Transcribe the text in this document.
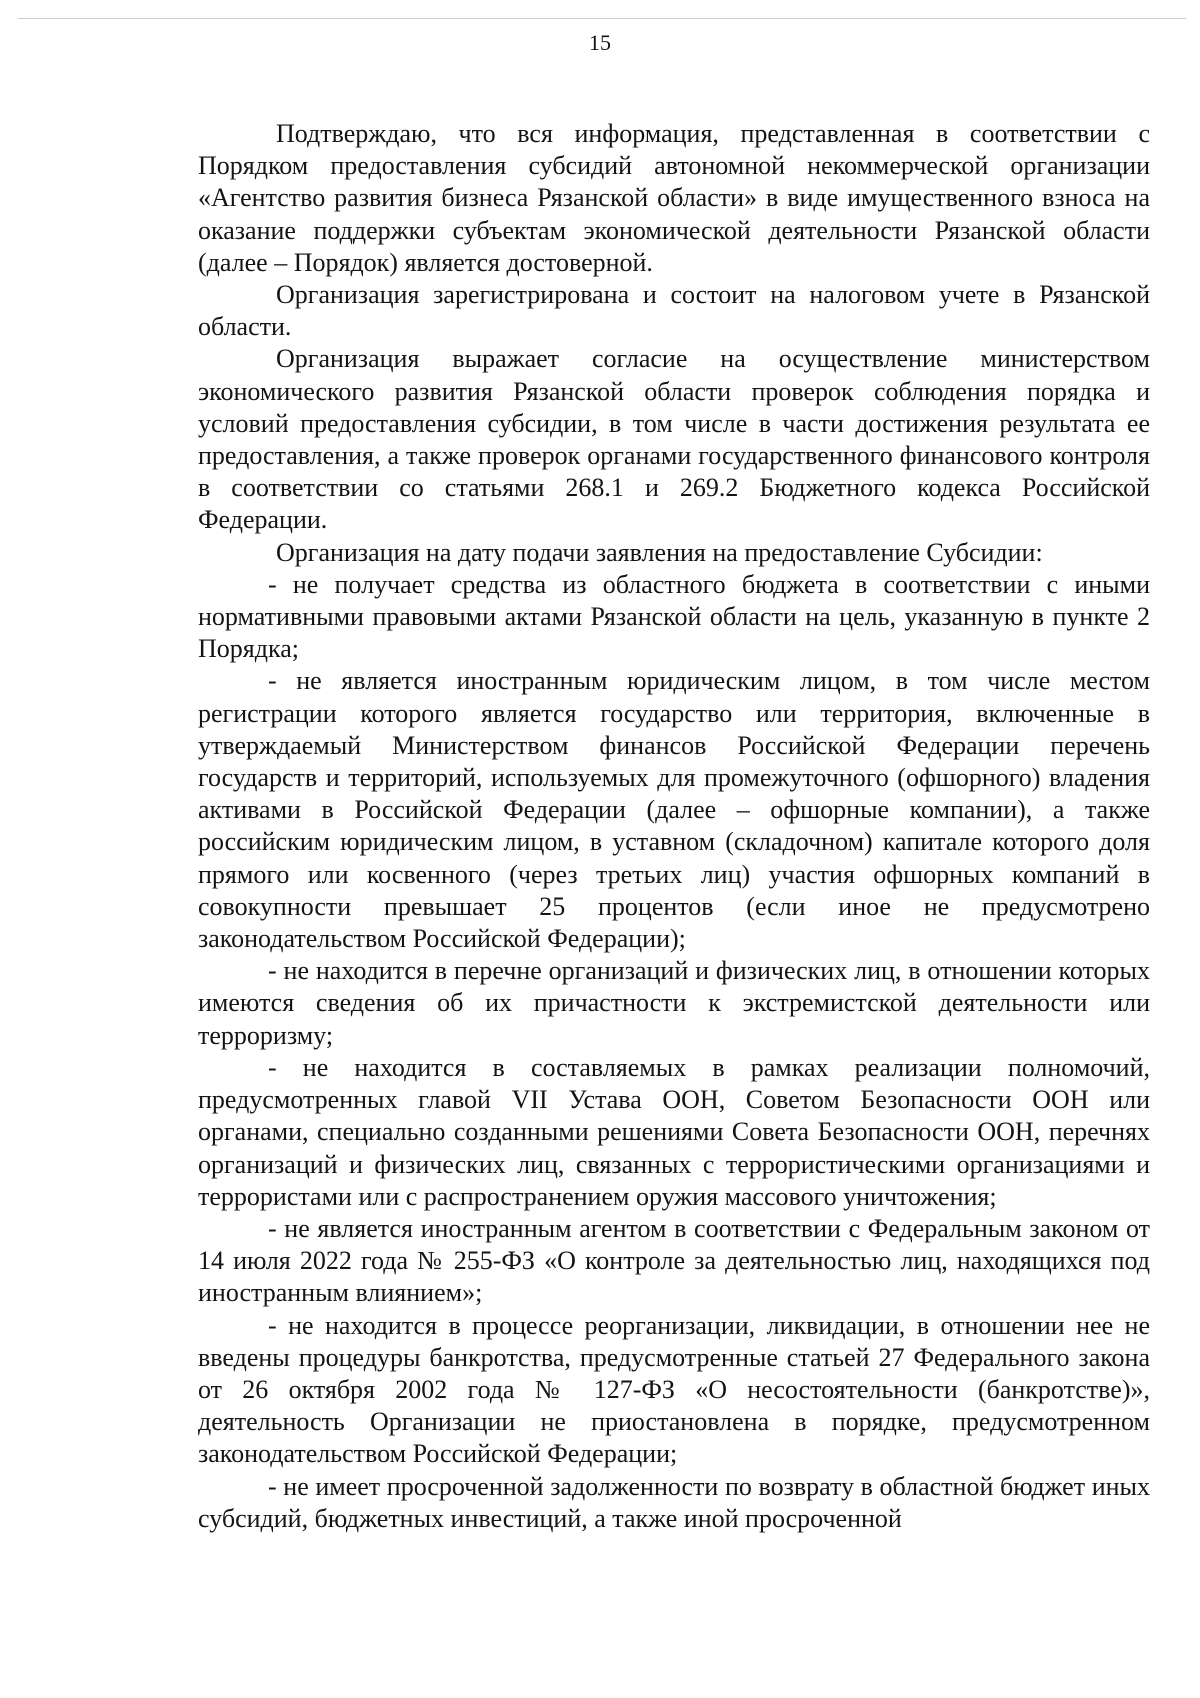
15

Подтверждаю, что вся информация, представленная в соответствии с Порядком предоставления субсидий автономной некоммерческой организации «Агентство развития бизнеса Рязанской области» в виде имущественного взноса на оказание поддержки субъектам экономической деятельности Рязанской области (далее – Порядок) является достоверной.

Организация зарегистрирована и состоит на налоговом учете в Рязанской области.

Организация выражает согласие на осуществление министерством экономического развития Рязанской области проверок соблюдения порядка и условий предоставления субсидии, в том числе в части достижения результата ее предоставления, а также проверок органами государственного финансового контроля в соответствии со статьями 268.1 и 269.2 Бюджетного кодекса Российской Федерации.

Организация на дату подачи заявления на предоставление Субсидии:

- не получает средства из областного бюджета в соответствии с иными нормативными правовыми актами Рязанской области на цель, указанную в пункте 2 Порядка;

- не является иностранным юридическим лицом, в том числе местом регистрации которого является государство или территория, включенные в утверждаемый Министерством финансов Российской Федерации перечень государств и территорий, используемых для промежуточного (офшорного) владения активами в Российской Федерации (далее – офшорные компании), а также российским юридическим лицом, в уставном (складочном) капитале которого доля прямого или косвенного (через третьих лиц) участия офшорных компаний в совокупности превышает 25 процентов (если иное не предусмотрено законодательством Российской Федерации);

- не находится в перечне организаций и физических лиц, в отношении которых имеются сведения об их причастности к экстремистской деятельности или терроризму;

- не находится в составляемых в рамках реализации полномочий, предусмотренных главой VII Устава ООН, Советом Безопасности ООН или органами, специально созданными решениями Совета Безопасности ООН, перечнях организаций и физических лиц, связанных с террористическими организациями и террористами или с распространением оружия массового уничтожения;

- не является иностранным агентом в соответствии с Федеральным законом от 14 июля 2022 года № 255-ФЗ «О контроле за деятельностью лиц, находящихся под иностранным влиянием»;

- не находится в процессе реорганизации, ликвидации, в отношении нее не введены процедуры банкротства, предусмотренные статьей 27 Федерального закона от 26 октября 2002 года № 127-ФЗ «О несостоятельности (банкротстве)», деятельность Организации не приостановлена в порядке, предусмотренном законодательством Российской Федерации;

- не имеет просроченной задолженности по возврату в областной бюджет иных субсидий, бюджетных инвестиций, а также иной просроченной
